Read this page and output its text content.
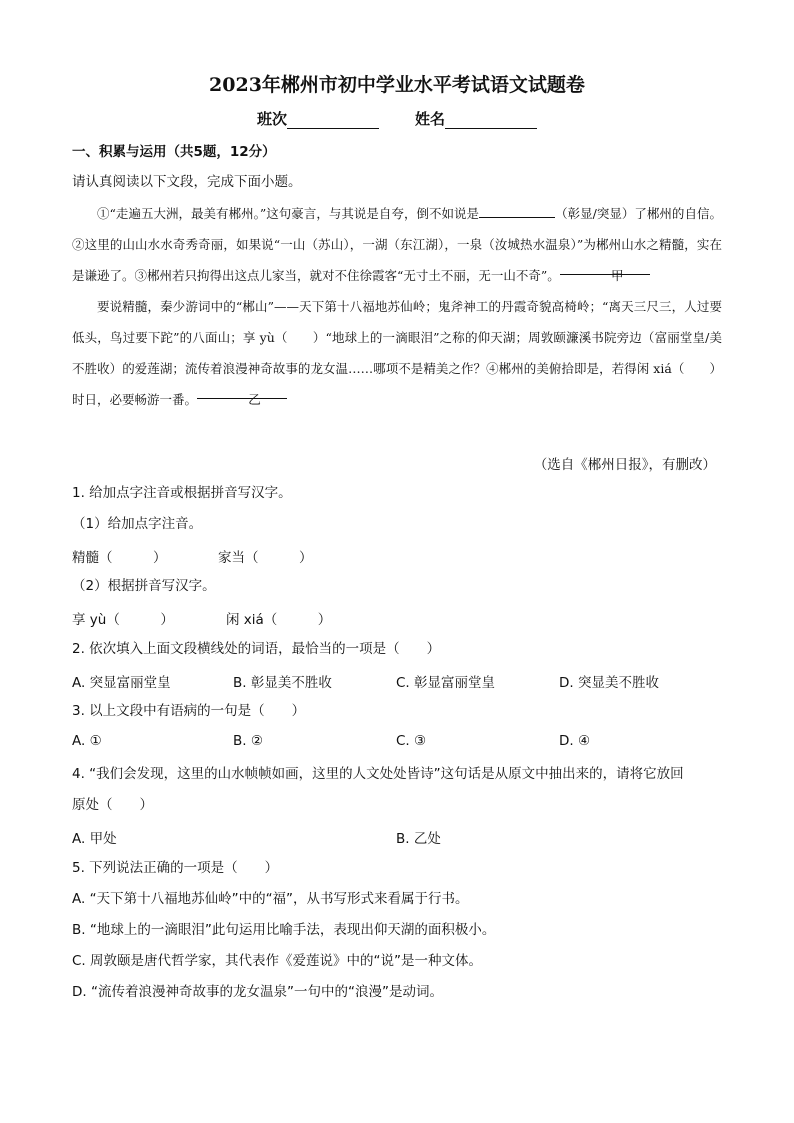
2023年郴州市初中学业水平考试语文试题卷
班次	姓名
一、积累与运用（共5题，12分）
请认真阅读以下文段，完成下面小题。

①“走遍五大洲，最美有郴州。”这句豪言，与其说是自夸，倒不如说是	（彰显/突显）了郴州的自信。②这里的山山水水奇秀奇丽，如果说“一山（苏山），一湖（东江湖），一泉（汝城热水温泉）”为郴州山水之精髓，实在是谦逊了。③郴州若只拘得出这点儿家当，就对不住徐霞客“无寸土不丽，无一山不奇”。	甲

要说精髓，秦少游词中的“郴山”——天下第十八福地苏仙岭；鬼斧神工的丹霞奇貌高椅岭；“离天三尺三，人过要低头，鸟过要下跎”的八面山；享 yù（　　）“地球上的一滴眼泪”之称的仰天湖；周敦颐濂溪书院旁边（富丽堂皇/美不胜收）的爱莲湖；流传着浪漫神奇故事的龙女温……哪项不是精美之作？④郴州的美俯拾即是，若得闲 xiá（　　）时日，必要畅游一番。	乙

（选自《郴州日报》，有删改）
1. 给加点字注音或根据拼音写汉字。
（1）给加点字注音。
精髓（　　　）	家当（　　　）
（2）根据拼音写汉字。
享 yù（　　　）	闲 xiá（　　　）
2. 依次填入上面文段横线处的词语，最恰当的一项是（　　）
A. 突显富丽堂皇	B. 彰显美不胜收	C. 彰显富丽堂皇	D. 突显美不胜收
3. 以上文段中有语病的一句是（　　）
A. ①	B. ②	C. ③	D. ④
4. “我们会发现，这里的山水帧帧如画，这里的人文处处皆诗”这句话是从原文中抽出来的，请将它放回
原处（　　）
A. 甲处	B. 乙处
5. 下列说法正确的一项是（　　）
A. “天下第十八福地苏仙岭”中的“福”，从书写形式来看属于行书。
B. “地球上的一滴眼泪”此句运用比喻手法，表现出仰天湖的面积极小。
C. 周敦颐是唐代哲学家，其代表作《爱莲说》中的“说”是一种文体。
D. “流传着浪漫神奇故事的龙女温泉”一句中的“浪漫”是动词。
